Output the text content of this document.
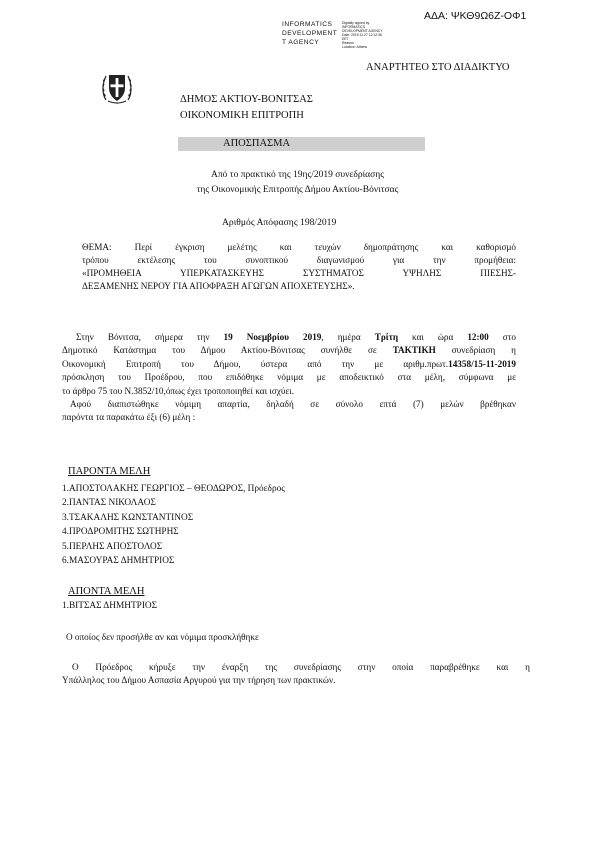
ΑΔΑ: ΨΚΘ9Ω6Ζ-ΟΦ1
INFORMATICS
DEVELOPMENT
T AGENCY
Digitally signed by
INFORMATICS
DEVELOPMENT AGENCY
Date: 2019.11.27 12:12:36
EET
Reason:
Location: Athens
ΑΝΑΡΤΗΤΕΟ ΣΤΟ ΔΙΑΔΙΚΤΥΟ
ΔΗΜΟΣ ΑΚΤΙΟΥ-ΒΟΝΙΤΣΑΣ
ΟΙΚΟΝΟΜΙΚΗ ΕΠΙΤΡΟΠΗ
ΑΠΟΣΠΑΣΜΑ
Από το πρακτικό της 19ης/2019 συνεδρίασης
της Οικονομικής Επιτροπής Δήμου Ακτίου-Βόνιτσας
Αριθμός Απόφασης 198/2019
ΘΕΜΑ: Περί έγκριση μελέτης και τευχών δημοπράτησης και καθορισμό
τρόπου εκτέλεσης του συνοπτικού διαγωνισμού για την προμήθεια:
«ΠΡΟΜΗΘΕΙΑ ΥΠΕΡΚΑΤΑΣΚΕΥΗΣ ΣΥΣΤΗΜΑΤΟΣ ΥΨΗΛΗΣ ΠΙΕΣΗΣ-
ΔΕΞΑΜΕΝΗΣ ΝΕΡΟΥ ΓΙΑ ΑΠΟΦΡΑΞΗ ΑΓΩΓΩΝ ΑΠΟΧΕΤΕΥΣΗΣ».
Στην Βόνιτσα, σήμερα την 19 Νοεμβρίου 2019, ημέρα Τρίτη και ώρα 12:00 στο
Δημοτικό Κατάστημα του Δήμου Ακτίου-Βόνιτσας συνήλθε σε ΤΑΚΤΙΚΗ συνεδρίαση η
Οικονομική Επιτροπή του Δήμου, ύστερα από την με αριθμ.πρωτ.14358/15-11-2019
πρόσκληση του Προέδρου, που επιδόθηκε νόμιμα με αποδεικτικό στα μέλη, σύμφωνα με
το άρθρο 75 του Ν.3852/10,όπως έχει τροποποιηθεί και ισχύει.
Αφού διαπιστώθηκε νόμιμη απαρτία, δηλαδή σε σύνολο επτά (7) μελών βρέθηκαν
παρόντα τα παρακάτω έξι (6) μέλη :
ΠΑΡΟΝΤΑ ΜΕΛΗ
1.ΑΠΟΣΤΟΛΑΚΗΣ ΓΕΩΡΓΙΟΣ – ΘΕΟΔΩΡΟΣ, Πρόεδρος
2.ΠΑΝΤΑΣ ΝΙΚΟΛΑΟΣ
3.ΤΣΑΚΑΛΗΣ ΚΩΝΣΤΑΝΤΙΝΟΣ
4.ΠΡΟΔΡΟΜΙΤΗΣ ΣΩΤΗΡΗΣ
5.ΠΕΡΛΗΣ ΑΠΟΣΤΟΛΟΣ
6.ΜΑΣΟΥΡΑΣ ΔΗΜΗΤΡΙΟΣ
ΑΠΟΝΤΑ ΜΕΛΗ
1.ΒΙΤΣΑΣ ΔΗΜΗΤΡΙΟΣ
Ο οποίος δεν προσήλθε αν και νόμιμα προσκλήθηκε
Ο Πρόεδρος κήρυξε την έναρξη της συνεδρίασης στην οποία παραβρέθηκε και η
Υπάλληλος του Δήμου Ασπασία Αργυρού για την τήρηση των πρακτικών.
